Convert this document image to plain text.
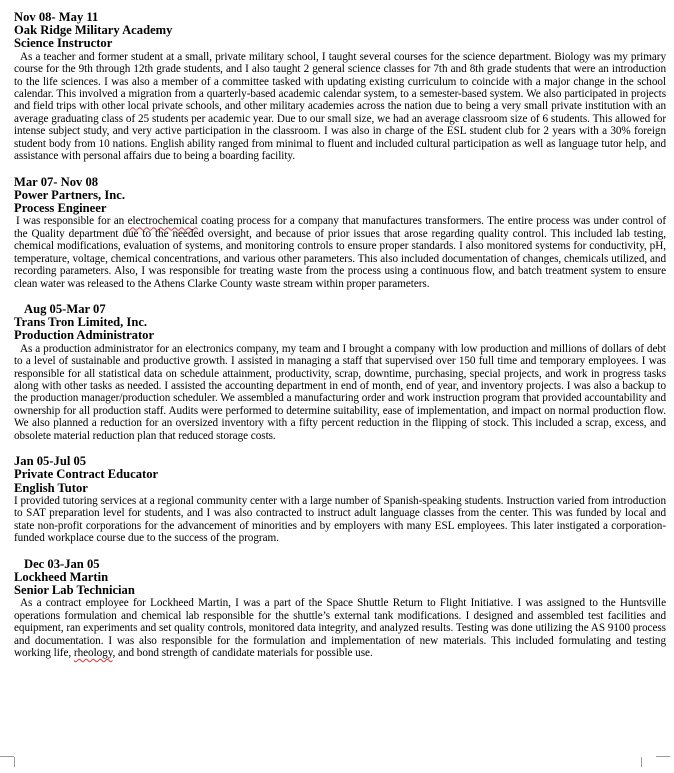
Nov 08- May 11
Oak Ridge Military Academy
Science Instructor
As a teacher and former student at a small, private military school, I taught several courses for the science department. Biology was my primary course for the 9th through 12th grade students, and I also taught 2 general science classes for 7th and 8th grade students that were an introduction to the life sciences. I was also a member of a committee tasked with updating existing curriculum to coincide with a major change in the school calendar. This involved a migration from a quarterly-based academic calendar system, to a semester-based system. We also participated in projects and field trips with other local private schools, and other military academies across the nation due to being a very small private institution with an average graduating class of 25 students per academic year. Due to our small size, we had an average classroom size of 6 students. This allowed for intense subject study, and very active participation in the classroom. I was also in charge of the ESL student club for 2 years with a 30% foreign student body from 10 nations. English ability ranged from minimal to fluent and included cultural participation as well as language tutor help, and assistance with personal affairs due to being a boarding facility.
Mar 07- Nov 08
Power Partners, Inc.
Process Engineer
I was responsible for an electrochemical coating process for a company that manufactures transformers. The entire process was under control of the Quality department due to the needed oversight, and because of prior issues that arose regarding quality control. This included lab testing, chemical modifications, evaluation of systems, and monitoring controls to ensure proper standards. I also monitored systems for conductivity, pH, temperature, voltage, chemical concentrations, and various other parameters. This also included documentation of changes, chemicals utilized, and recording parameters. Also, I was responsible for treating waste from the process using a continuous flow, and batch treatment system to ensure clean water was released to the Athens Clarke County waste stream within proper parameters.
Aug 05-Mar 07
Trans Tron Limited, Inc.
Production Administrator
As a production administrator for an electronics company, my team and I brought a company with low production and millions of dollars of debt to a level of sustainable and productive growth. I assisted in managing a staff that supervised over 150 full time and temporary employees. I was responsible for all statistical data on schedule attainment, productivity, scrap, downtime, purchasing, special projects, and work in progress tasks along with other tasks as needed. I assisted the accounting department in end of month, end of year, and inventory projects. I was also a backup to the production manager/production scheduler. We assembled a manufacturing order and work instruction program that provided accountability and ownership for all production staff. Audits were performed to determine suitability, ease of implementation, and impact on normal production flow. We also planned a reduction for an oversized inventory with a fifty percent reduction in the flipping of stock. This included a scrap, excess, and obsolete material reduction plan that reduced storage costs.
Jan 05-Jul 05
Private Contract Educator
English Tutor
I provided tutoring services at a regional community center with a large number of Spanish-speaking students. Instruction varied from introduction to SAT preparation level for students, and I was also contracted to instruct adult language classes from the center. This was funded by local and state non-profit corporations for the advancement of minorities and by employers with many ESL employees. This later instigated a corporation-funded workplace course due to the success of the program.
Dec 03-Jan 05
Lockheed Martin
Senior Lab Technician
As a contract employee for Lockheed Martin, I was a part of the Space Shuttle Return to Flight Initiative. I was assigned to the Huntsville operations formulation and chemical lab responsible for the shuttle’s external tank modifications. I designed and assembled test facilities and equipment, ran experiments and set quality controls, monitored data integrity, and analyzed results. Testing was done utilizing the AS 9100 process and documentation. I was also responsible for the formulation and implementation of new materials. This included formulating and testing working life, rheology, and bond strength of candidate materials for possible use.
